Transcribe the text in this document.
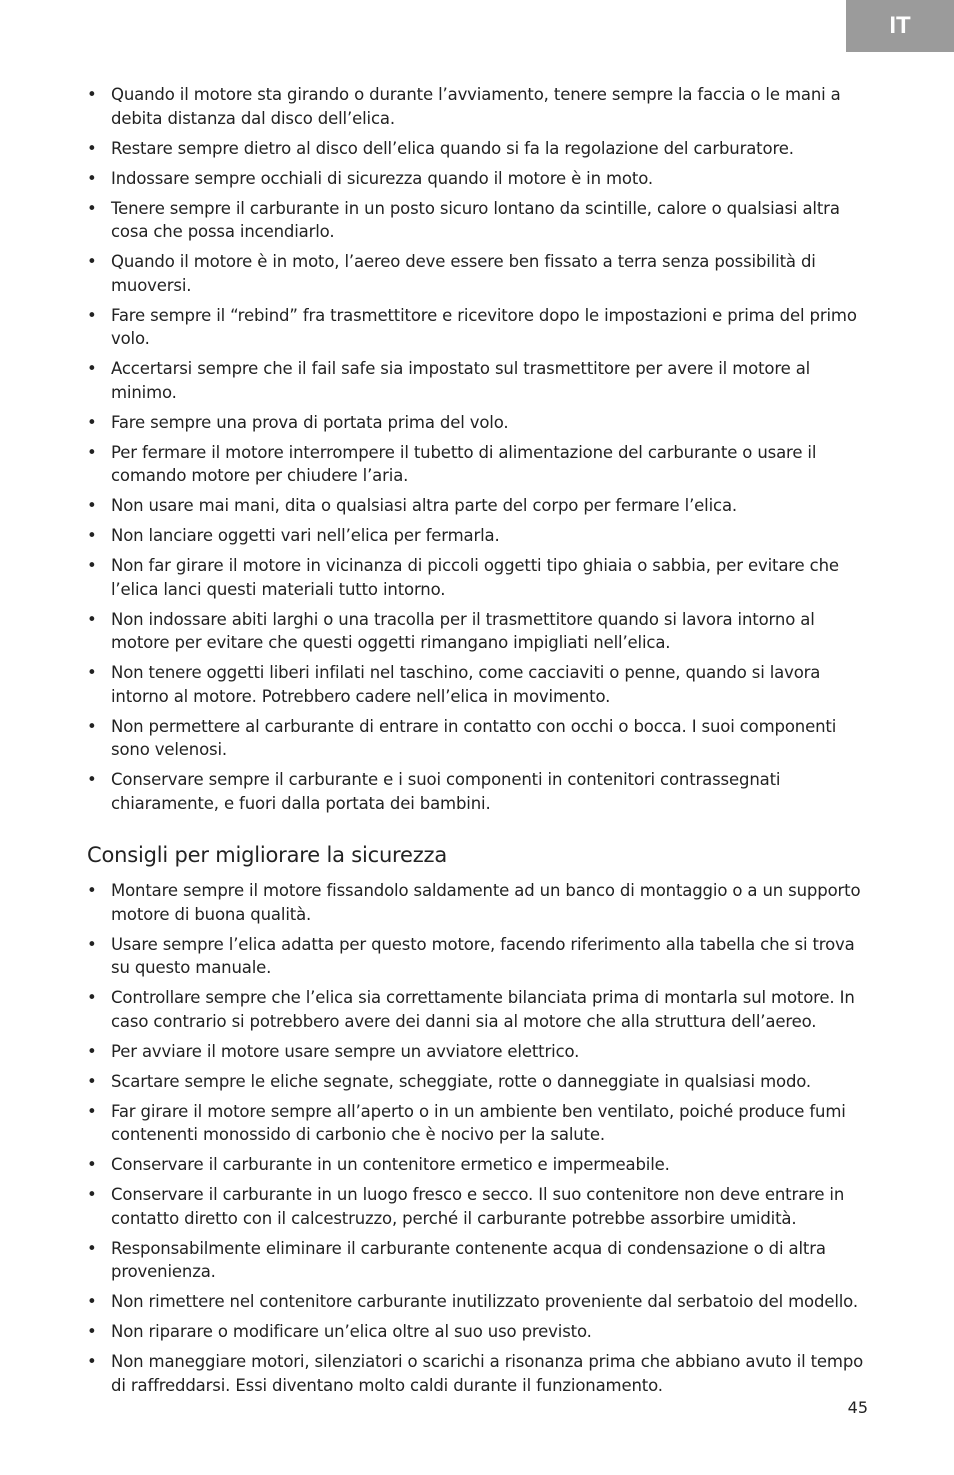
IT
• Quando il motore sta girando o durante l’avviamento, tenere sempre la faccia o le mani a debita distanza dal disco dell’elica.
• Restare sempre dietro al disco dell’elica quando si fa la regolazione del carburatore.
• Indossare sempre occhiali di sicurezza quando il motore è in moto.
• Tenere sempre il carburante in un posto sicuro lontano da scintille, calore o qualsiasi altra cosa che possa incendiarlo.
• Quando il motore è in moto, l’aereo deve essere ben fissato a terra senza possibilità di muoversi.
• Fare sempre il “rebind” fra trasmettitore e ricevitore dopo le impostazioni e prima del primo volo.
• Accertarsi sempre che il fail safe sia impostato sul trasmettitore per avere il motore al minimo.
• Fare sempre una prova di portata prima del volo.
• Per fermare il motore interrompere il tubetto di alimentazione del carburante o usare il comando motore per chiudere l’aria.
• Non usare mai mani, dita o qualsiasi altra parte del corpo per fermare l’elica.
• Non lanciare oggetti vari nell’elica per fermarla.
• Non far girare il motore in vicinanza di piccoli oggetti tipo ghiaia o sabbia, per evitare che l’elica lanci questi materiali tutto intorno.
• Non indossare abiti larghi o una tracolla per il trasmettitore quando si lavora intorno al motore per evitare che questi oggetti rimangano impigliati nell’elica.
• Non tenere oggetti liberi infilati nel taschino, come cacciaviti o penne, quando si lavora intorno al motore. Potrebbero cadere nell’elica in movimento.
• Non permettere al carburante di entrare in contatto con occhi o bocca. I suoi componenti sono velenosi.
• Conservare sempre il carburante e i suoi componenti in contenitori contrassegnati chiaramente, e fuori dalla portata dei bambini.
Consigli per migliorare la sicurezza
• Montare sempre il motore fissandolo saldamente ad un banco di montaggio o a un supporto motore di buona qualità.
• Usare sempre l’elica adatta per questo motore, facendo riferimento alla tabella che si trova su questo manuale.
• Controllare sempre che l’elica sia correttamente bilanciata prima di montarla sul motore. In caso contrario si potrebbero avere dei danni sia al motore che alla struttura dell’aereo.
• Per avviare il motore usare sempre un avviatore elettrico.
• Scartare sempre le eliche segnate, scheggiate, rotte o danneggiate in qualsiasi modo.
• Far girare il motore sempre all’aperto o in un ambiente ben ventilato, poiché produce fumi contenenti monossido di carbonio che è nocivo per la salute.
• Conservare il carburante in un contenitore ermetico e impermeabile.
• Conservare il carburante in un luogo fresco e secco. Il suo contenitore non deve entrare in contatto diretto con il calcestruzzo, perché il carburante potrebbe assorbire umidità.
• Responsabilmente eliminare il carburante contenente acqua di condensazione o di altra provenienza.
• Non rimettere nel contenitore carburante inutilizzato proveniente dal serbatoio del modello.
• Non riparare o modificare un’elica oltre al suo uso previsto.
• Non maneggiare motori, silenziatori o scarichi a risonanza prima che abbiano avuto il tempo di raffreddarsi. Essi diventano molto caldi durante il funzionamento.
45
